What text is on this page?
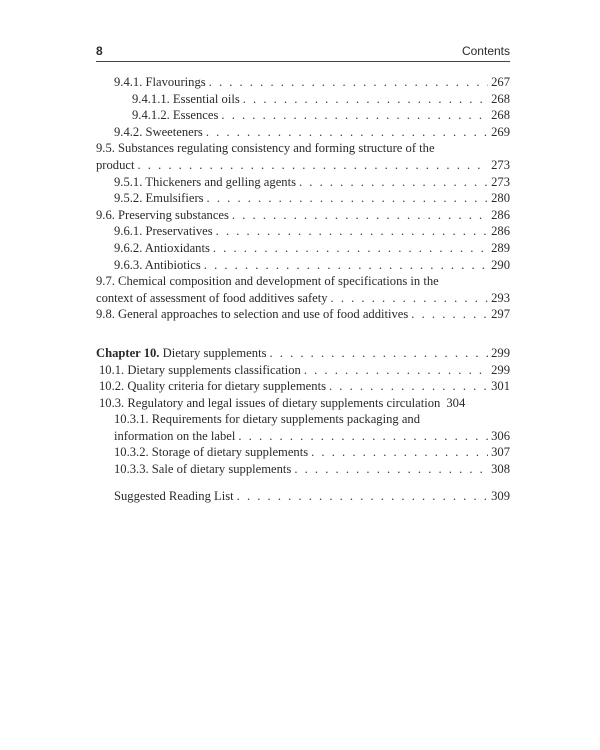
8	Contents
9.4.1. Flavourings . . .	267
9.4.1.1. Essential oils . . .	268
9.4.1.2. Essences . . .	268
9.4.2. Sweeteners . . .	269
9.5. Substances regulating consistency and forming structure of the
product . . .	273
9.5.1. Thickeners and gelling agents . . .	273
9.5.2. Emulsifiers . . .	280
9.6. Preserving substances . . .	286
9.6.1. Preservatives . . .	286
9.6.2. Antioxidants . . .	289
9.6.3. Antibiotics . . .	290
9.7. Chemical composition and development of specifications in the
context of assessment of food additives safety . . .	293
9.8. General approaches to selection and use of food additives . . .	297
Chapter 10. Dietary supplements . . .	299
10.1. Dietary supplements classification . . .	299
10.2. Quality criteria for dietary supplements . . .	301
10.3. Regulatory and legal issues of dietary supplements circulation 304
10.3.1. Requirements for dietary supplements packaging and
information on the label . . .	306
10.3.2. Storage of dietary supplements . . .	307
10.3.3. Sale of dietary supplements . . .	308
Suggested Reading List . . .	309
